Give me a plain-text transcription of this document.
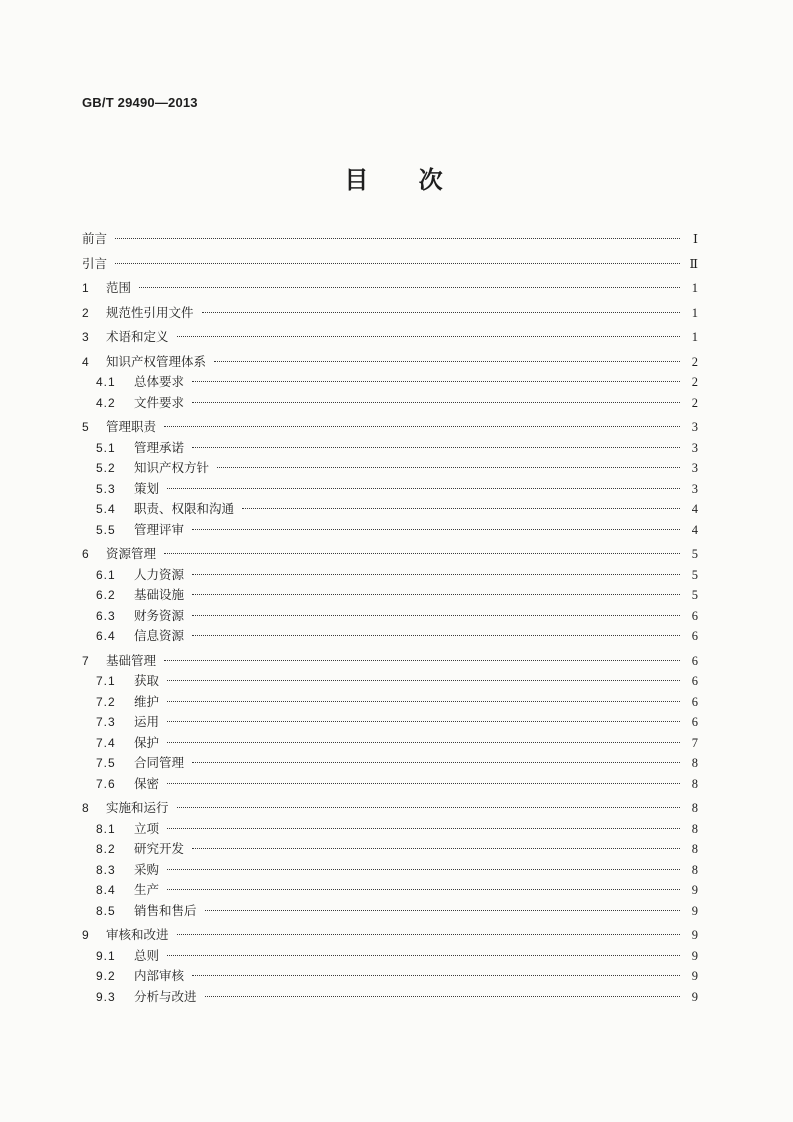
GB/T 29490—2013
目 次
前言	Ⅰ
引言	Ⅱ
1	范围	1
2	规范性引用文件	1
3	术语和定义	1
4	知识产权管理体系	2
4.1	总体要求	2
4.2	文件要求	2
5	管理职责	3
5.1	管理承诺	3
5.2	知识产权方针	3
5.3	策划	3
5.4	职责、权限和沟通	4
5.5	管理评审	4
6	资源管理	5
6.1	人力资源	5
6.2	基础设施	5
6.3	财务资源	6
6.4	信息资源	6
7	基础管理	6
7.1	获取	6
7.2	维护	6
7.3	运用	6
7.4	保护	7
7.5	合同管理	8
7.6	保密	8
8	实施和运行	8
8.1	立项	8
8.2	研究开发	8
8.3	采购	8
8.4	生产	9
8.5	销售和售后	9
9	审核和改进	9
9.1	总则	9
9.2	内部审核	9
9.3	分析与改进	9
